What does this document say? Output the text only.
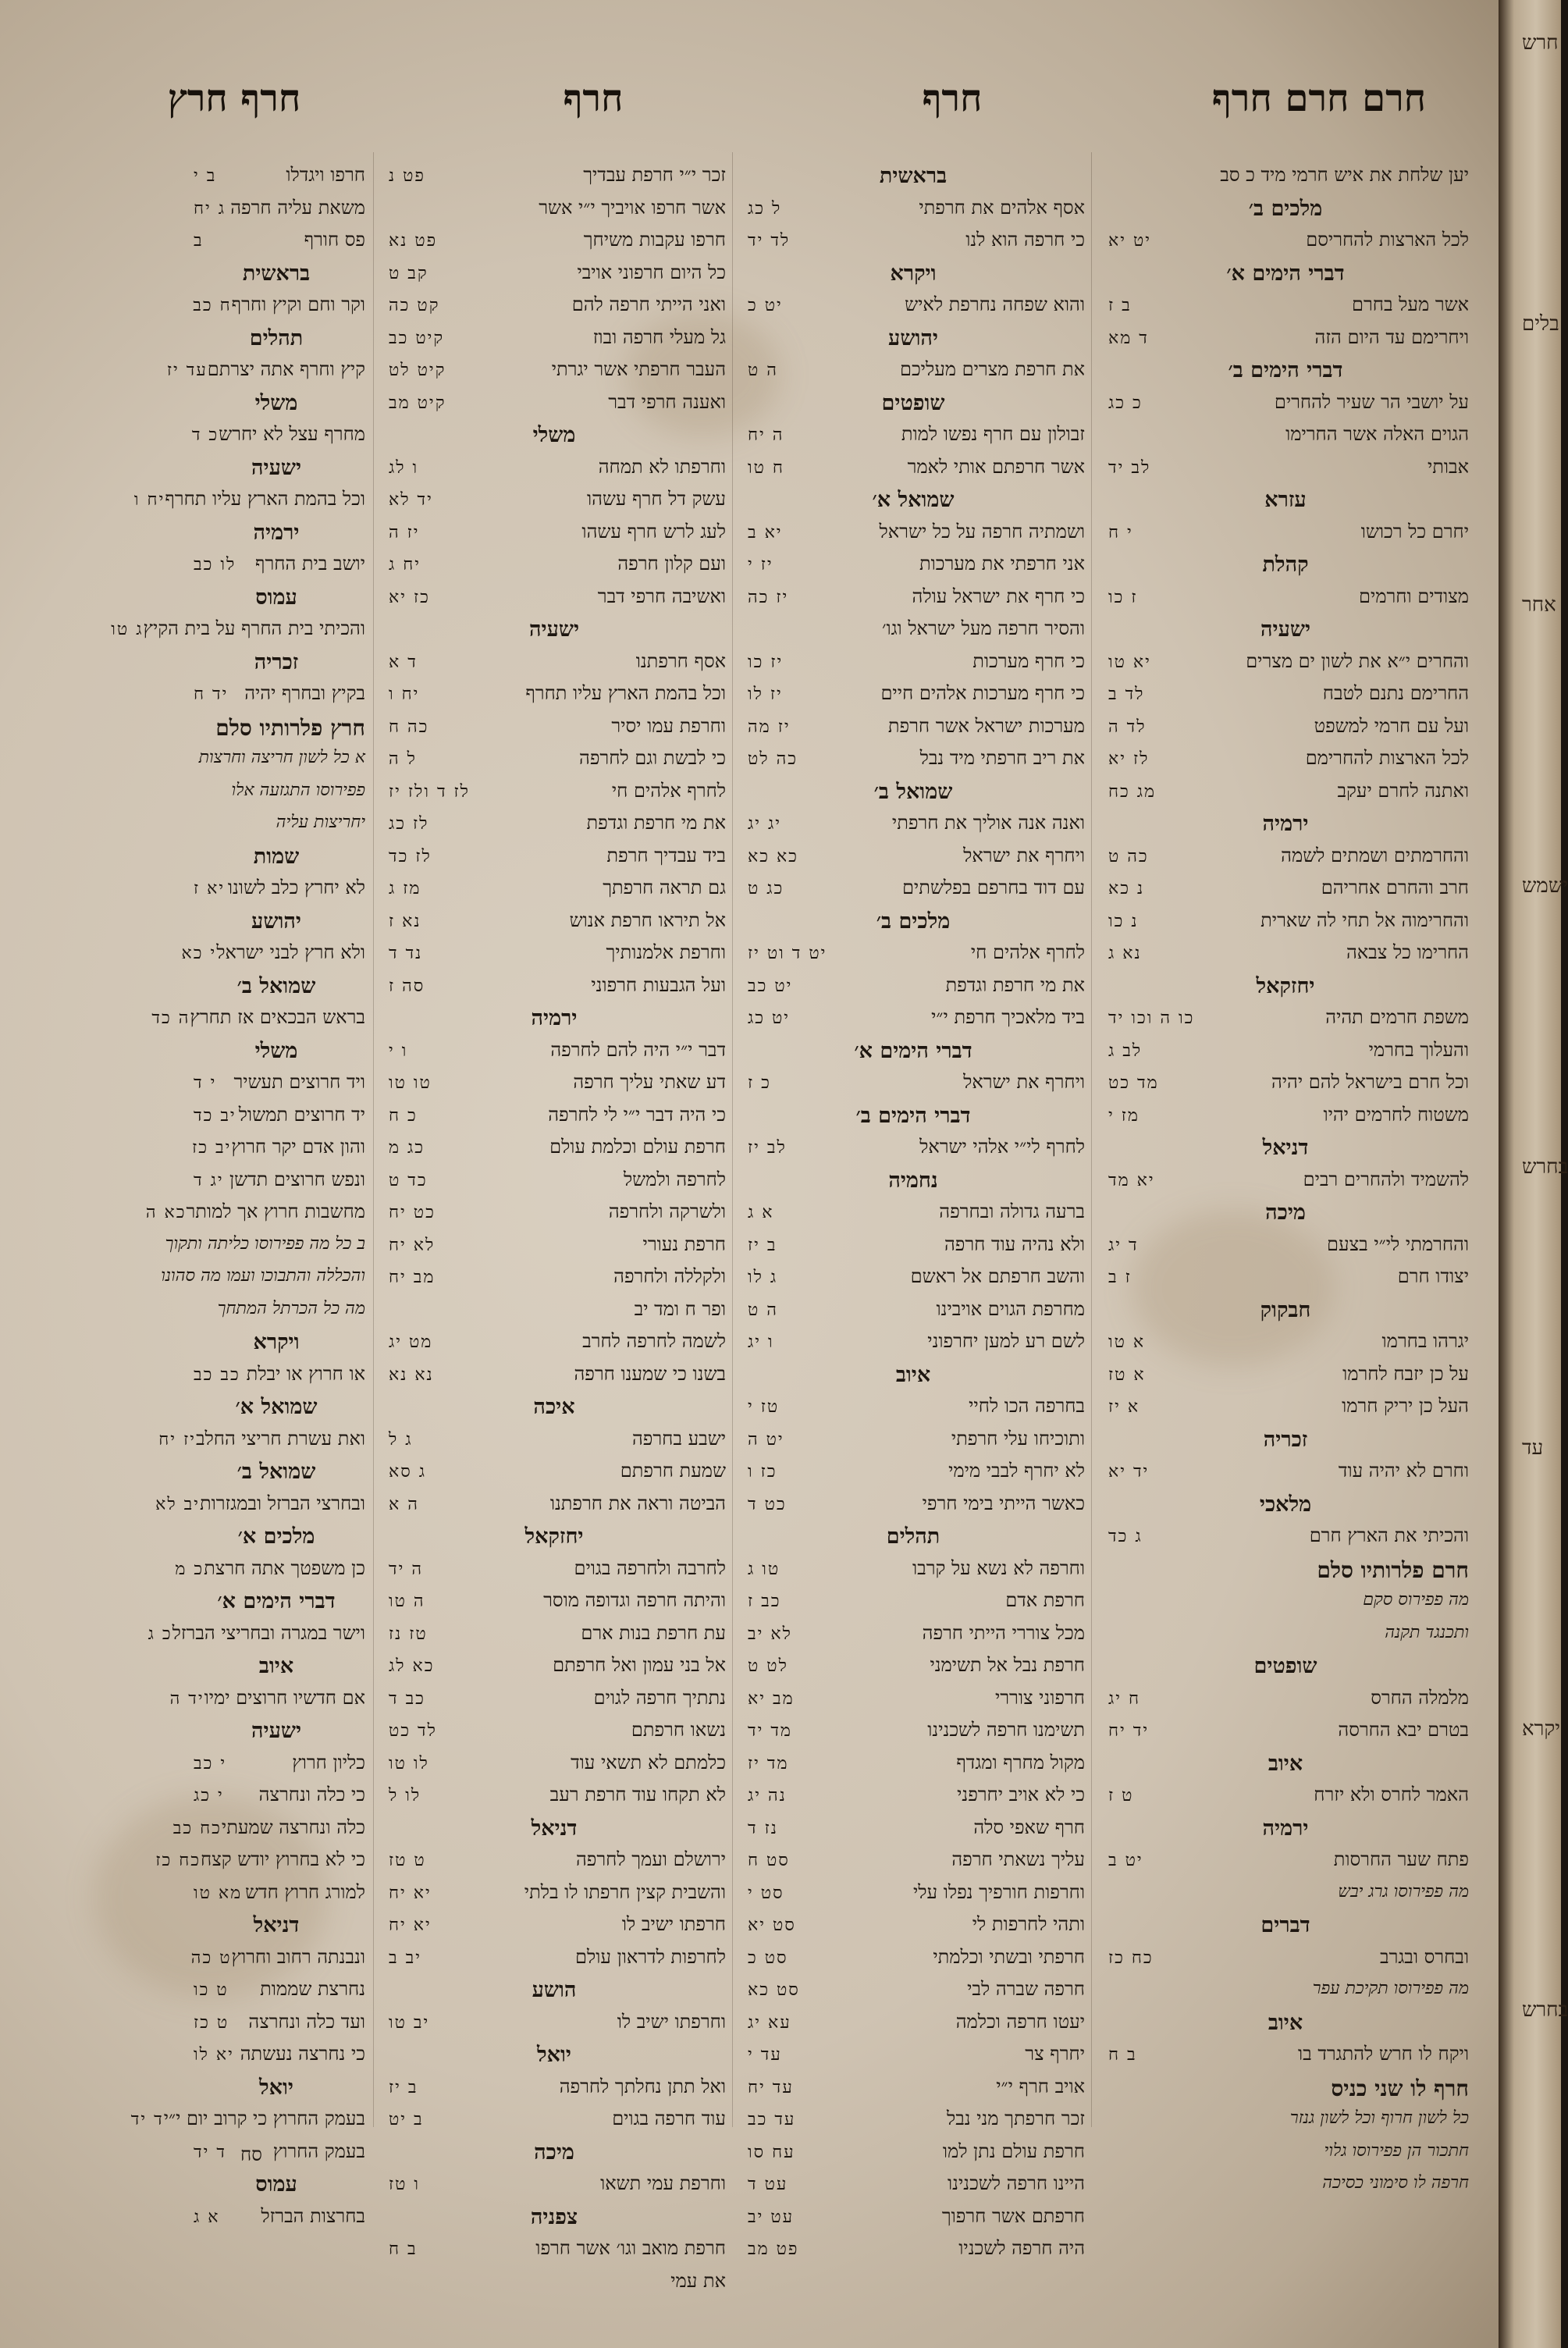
חרם חרם חרף
חרף
חרף
חרף חרץ
יען שלחת את איש חרמי מיד כ סב
מלכים ב׳
לכל הארצות להחריסם
יט יא
דברי הימים א׳
אשר מעל בחרם
ב ז
ויחרימם עד היום הזה
ד מא
דברי הימים ב׳
על יושבי הר שעיר להחרים
כ כג
הגוים האלה אשר החרימו
אבותי
לב יד
עזרא
יחרם כל רכושו
י ח
קהלת
מצודים וחרמים
ז כו
ישעיה
והחרים י״א את לשון ים מצרים
יא טו
החרימם נתנם לטבח
לד ב
ועל עם חרמי למשפט
לד ה
לכל הארצות להחרימם
לז יא
ואתנה לחרם יעקב
מג כח
ירמיה
והחרמתים ושמתים לשמה
כה ט
חרב והחרם אחריהם
נ כא
והחרימוה אל תחי לה שארית
נ כו
החרימו כל צבאה
נא ג
יחזקאל
משפת חרמים תהיה
כו ה וכו יד
והעלוך בחרמי
לב ג
וכל חרם בישראל להם יהיה
מד כט
משטוח לחרמים יהיו
מז י
דניאל
להשמיד ולהחרים רבים
יא מד
מיכה
והחרמתי לי״י בצעם
ד יג
יצודו חרם
ז ב
חבקוק
יגרהו בחרמו
א טו
על כן יזבח לחרמו
א טז
העל כן יריק חרמו
א יז
זכריה
וחרם לא יהיה עוד
יד יא
מלאכי
והכיתי את הארץ חרם
ג כד
חרם פלרותיו סלם
מה פפירוס סקם
ותכנגד תקנה
שופטים
מלמלה החרס
ח יג
בטרם יבא החרסה
יד יח
איוב
האמר לחרס ולא יזרח
ט ז
ירמיה
פתח שער החרסות
יט ב
מה פפירוסו גרג יבש
דברים
ובחרס ובגרב
כח כז
מה פפירוסו תקיכת עפר
איוב
ויקח לו חרש להתגרד בו
ב ח
חרף לו שני כניס
כל לשון חרוף וכל לשון גנזר
חתכור הן פפירוסו גלוי
חרפה לו סימוני כסיכה
בראשית
אסף אלהים את חרפתי
ל כג
כי חרפה הוא לנו
לד יד
ויקרא
והוא שפחה נחרפת לאיש
יט כ
יהושע
את חרפת מצרים מעליכם
ה ט
שופטים
זבולון עם חרף נפשו למות
ה יח
אשר חרפתם אותי לאמר
ח טו
שמואל א׳
ושמתיה חרפה על כל ישראל
יא ב
אני חרפתי את מערכות
יז י
כי חרף את ישראל עולה
יז כה
והסיר חרפה מעל ישראל וגו׳
כי חרף מערכות
יז כו
כי חרף מערכות אלהים חיים
יז לו
מערכות ישראל אשר חרפת
יז מה
את ריב חרפתי מיד נבל
כה לט
שמואל ב׳
ואנה אנה אוליך את חרפתי
יג יג
ויחרף את ישראל
כא כא
עם דוד בחרפם בפלשתים
כג ט
מלכים ב׳
לחרף אלהים חי
יט ד וט יז
את מי חרפת וגדפת
יט כב
ביד מלאכיך חרפת י״י
יט כג
דברי הימים א׳
ויחרף את ישראל
כ ז
דברי הימים ב׳
לחרף לי״י אלהי ישראל
לב יז
נחמיה
ברעה גדולה ובחרפה
א ג
ולא נהיה עוד חרפה
ב יז
והשב חרפתם אל ראשם
ג לו
מחרפת הגוים אויבינו
ה ט
לשם רע למען יחרפוני
ו יג
איוב
בחרפה הכו לחיי
טז י
ותוכיחו עלי חרפתי
יט ה
לא יחרף לבבי מימי
כז ו
כאשר הייתי בימי חרפי
כט ד
תהלים
וחרפה לא נשא על קרבו
טו ג
חרפת אדם
כב ז
מכל צוררי הייתי חרפה
לא יב
חרפת נבל אל תשימני
לט ט
חרפוני צוררי
מב יא
תשימנו חרפה לשכנינו
מד יד
מקול מחרף ומגדף
מד יז
כי לא אויב יחרפני
נה יג
חרף שאפי סלה
נז ד
עליך נשאתי חרפה
סט ח
וחרפות חורפיך נפלו עלי
סט י
ותהי לחרפות לי
סט יא
חרפתי ובשתי וכלמתי
סט כ
חרפה שברה לבי
סט כא
יעטו חרפה וכלמה
עא יג
יחרף צר
עד י
אויב חרף י״י
עד יח
זכר חרפתך מני נבל
עד כב
חרפת עולם נתן למו
עח סו
היינו חרפה לשכנינו
עט ד
חרפתם אשר חרפוך
עט יב
היה חרפה לשכניו
פט מב
זכר י״י חרפת עבדיך
פט נ
אשר חרפו אויביך י״י אשר
חרפו עקבות משיחך
פט נא
כל היום חרפוני אויבי
קב ט
ואני הייתי חרפה להם
קט כה
גל מעלי חרפה ובוז
קיט כב
העבר חרפתי אשר יגרתי
קיט לט
ואענה חרפי דבר
קיט מב
משלי
וחרפתו לא תמחה
ו לג
עשק דל חרף עשהו
יד לא
לעג לרש חרף עשהו
יז ה
ועם קלון חרפה
יח ג
ואשיבה חרפי דבר
כז יא
ישעיה
אסף חרפתנו
ד א
וכל בהמת הארץ עליו תחרף
יח ו
וחרפת עמו יסיר
כה ח
כי לבשת וגם לחרפה
ל ה
לחרף אלהים חי
לז ד ולז יז
את מי חרפת וגדפת
לז כג
ביד עבדיך חרפת
לז כד
גם תראה חרפתך
מז ג
אל תיראו חרפת אנוש
נא ז
וחרפת אלמנותיך
נד ד
ועל הגבעות חרפוני
סה ז
ירמיה
דבר י״י היה להם לחרפה
ו י
דע שאתי עליך חרפה
טו טו
כי היה דבר י״י לי לחרפה
כ ח
חרפת עולם וכלמת עולם
כג מ
לחרפה ולמשל
כד ט
ולשרקה ולחרפה
כט יח
חרפת נעורי
לא יח
ולקללה ולחרפה
מב יח
ופר ח ומד יב
לשמה לחרפה לחרב
מט יג
בשנו כי שמענו חרפה
נא נא
איכה
ישבע בחרפה
ג ל
שמעת חרפתם
ג סא
הביטה וראה את חרפתנו
ה א
יחזקאל
לחרבה ולחרפה בגוים
ה יד
והיתה חרפה וגדופה מוסר
ה טו
עת חרפת בנות ארם
טז נז
אל בני עמון ואל חרפתם
כא לג
נתתיך חרפה לגוים
כב ד
נשאו חרפתם
לד כט
כלמתם לא תשאי עוד
לו טו
לא תקחו עוד חרפת רעב
לו ל
דניאל
ירושלם ועמך לחרפה
ט טז
והשבית קצין חרפתו לו בלתי
יא יח
חרפתו ישיב לו
יא יח
לחרפות לדראון עולם
יב ב
הושע
וחרפתו ישיב לו
יב טו
יואל
ואל תתן נחלתך לחרפה
ב יז
עוד חרפה בגוים
ב יט
מיכה
וחרפת עמי תשאו
ו טז
צפניה
חרפת מואב וגו׳ אשר חרפו
ב ח
את עמי
חרפו ויגדלו
ב י
משאת עליה חרפה
ג יח
פס חורף
ב
בראשית
וקר וחם וקיץ וחרף
ח כב
תהלים
קיץ וחרף אתה יצרתם
עד יז
משלי
מחרף עצל לא יחרש
כ ד
ישעיה
וכל בהמת הארץ עליו תחרף
יח ו
ירמיה
יושב בית החרף
לו כב
עמוס
והכיתי בית החרף על בית הקיץ
ג טו
זכריה
בקיץ ובחרף יהיה
יד ח
חרץ פלרותיו סלם
א כל לשון חריצה וחרצות
פפירוסו התגזעה אלו
יחריצות עליה
שמות
לא יחרץ כלב לשונו
יא ז
יהושע
ולא חרץ לבני ישראל
י כא
שמואל ב׳
בראש הבכאים אז תחרץ
ה כד
משלי
ויד חרוצים תעשיר
י ד
יד חרוצים תמשול
יב כד
והון אדם יקר חרוץ
יב כז
ונפש חרוצים תדשן
יג ד
מחשבות חרוץ אך למותר
כא ה
ב כל מה פפירוסו כליתה ותקוך
והכללה והתבוכו ועמו מה סהונו
מה כל הכרתל המתחך
ויקרא
או חרוץ או יבלת
כב כב
שמואל א׳
ואת עשרת חריצי החלב
יז יח
שמואל ב׳
ובחרצי הברזל ובמגזרות
יב לא
מלכים א׳
כן משפטך אתה חרצת
כ מ
דברי הימים א׳
וישר במגרה ובחריצי הברזל
כ ג
איוב
אם חדשיו חרוצים ימיו
יד ה
ישעיה
כליון חרוץ
י כב
כי כלה ונחרצה
י כג
כלה ונחרצה שמעתי
כח כב
כי לא בחרוץ יודש קצח
כח כז
למורג חרוץ חדש
מא טו
דניאל
ונבנתה רחוב וחרוץ
ט כה
נחרצת שממות
ט כו
ועד כלה ונחרצה
ט כז
כי נחרצה נעשתה
יא לו
יואל
בעמק החרוץ כי קרוב יום י״י
ד יד
בעמק החרוץ
ד יד
עמוס
בחרצות הברזל
א ג
סח
חרש
בלים
אחר
ישמש
בחרש
עד
יקרא
בחרש
